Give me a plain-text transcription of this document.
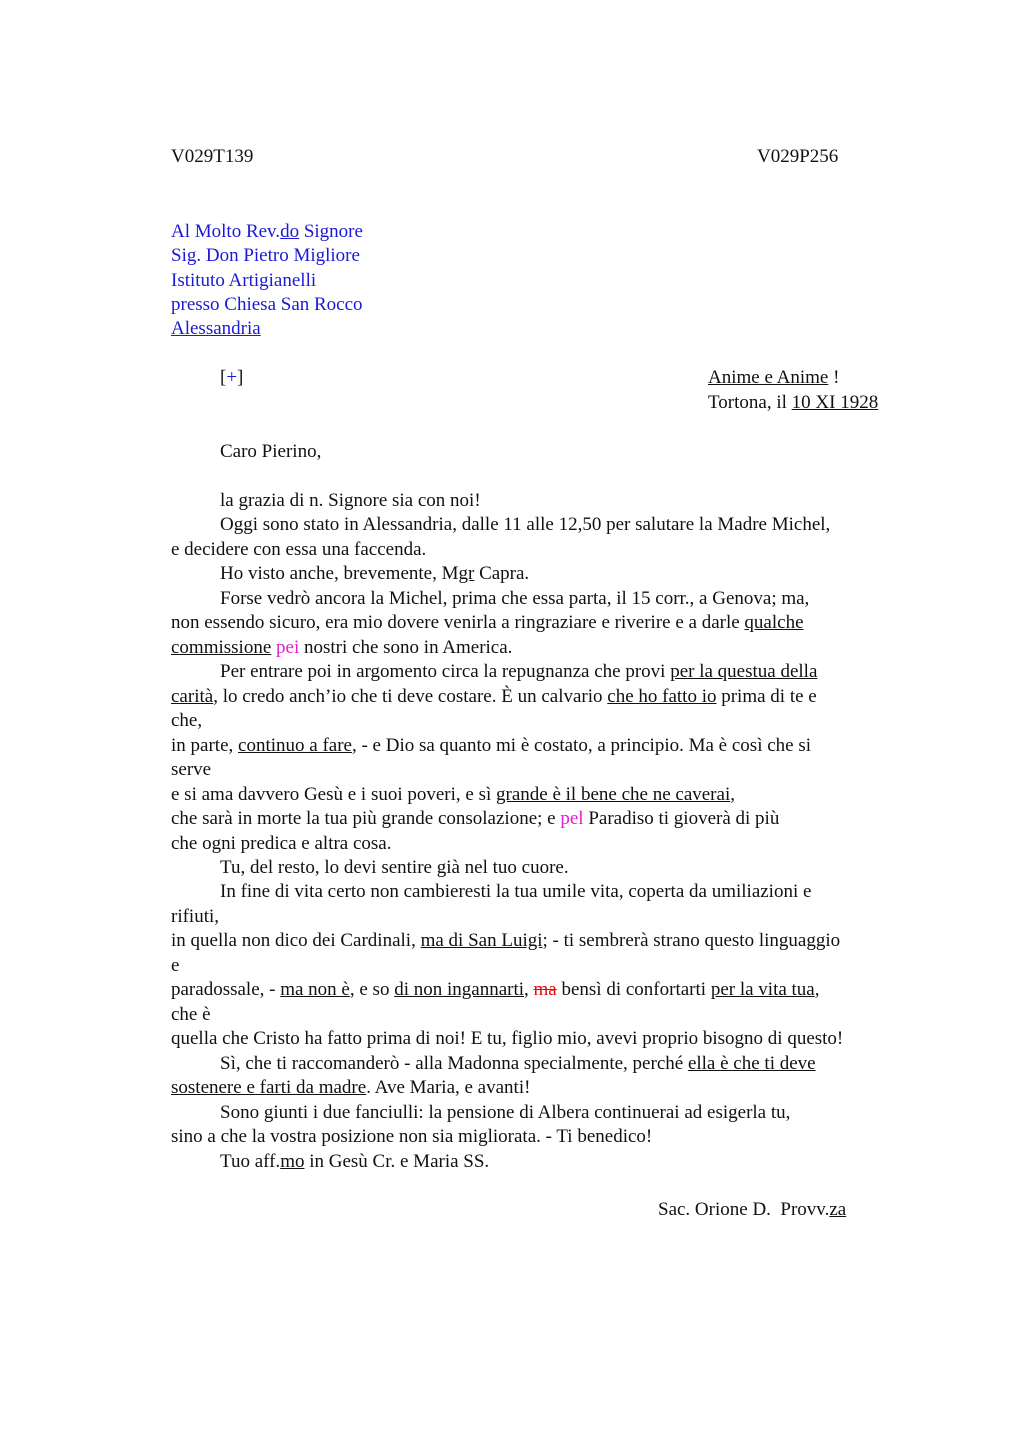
V029T139	V029P256
Al Molto Rev.do Signore
Sig. Don Pietro Migliore
Istituto Artigianelli
presso Chiesa San Rocco
Alessandria
[+]	Anime e Anime !
Tortona, il 10 XI 1928
Caro Pierino,
la grazia di n. Signore sia con noi!
Oggi sono stato in Alessandria, dalle 11 alle 12,50 per salutare la Madre Michel,
e decidere con essa una faccenda.
Ho visto anche, brevemente, Mgr Capra.
Forse vedrò ancora la Michel, prima che essa parta, il 15 corr., a Genova; ma,
non essendo sicuro, era mio dovere venirla a ringraziare e riverire e a darle qualche
commissione pei nostri che sono in America.
Per entrare poi in argomento circa la repugnanza che provi per la questua della
carità, lo credo anch’io che ti deve costare. È un calvario che ho fatto io prima di te e
che,
in parte, continuo a fare, - e Dio sa quanto mi è costato, a principio. Ma è così che si
serve
e si ama davvero Gesù e i suoi poveri, e sì grande è il bene che ne caverai,
che sarà in morte la tua più grande consolazione; e pel Paradiso ti gioverà di più
che ogni predica e altra cosa.
Tu, del resto, lo devi sentire già nel tuo cuore.
In fine di vita certo non cambieresti la tua umile vita, coperta da umiliazioni e
rifiuti,
in quella non dico dei Cardinali, ma di San Luigi; - ti sembrerà strano questo linguaggio
e
paradossale, - ma non è, e so di non ingannarti, ma bensì di confortarti per la vita tua,
che è
quella che Cristo ha fatto prima di noi! E tu, figlio mio, avevi proprio bisogno di questo!
Sì, che ti raccomanderò - alla Madonna specialmente, perché ella è che ti deve
sostenere e farti da madre. Ave Maria, e avanti!
Sono giunti i due fanciulli: la pensione di Albera continuerai ad esigerla tu,
sino a che la vostra posizione non sia migliorata. - Ti benedico!
Tuo aff.mo in Gesù Cr. e Maria SS.
Sac. Orione D.  Provv.za
